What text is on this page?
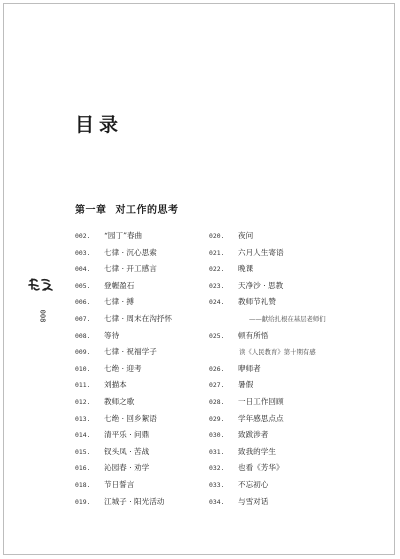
目录
第一章 对工作的思考
008
002. “园丁”春曲
003. 七律 · 沉心思索
004. 七律 · 开工感言
005. 登幄盈石
006. 七律 · 搏
007. 七律 · 周末在沟抒怀
008. 等待
009. 七律 · 祝福学子
010. 七绝 · 迎考
011. 刘描本
012. 教师之歌
013. 七绝 · 回乡絮语
014. 清平乐 · 问鼎
015. 钗头凤 · 苦战
016. 沁园春 · 劝学
018. 节日誓言
019. 江城子 · 阳光活动
020. 夜问
021. 六月人生寄语
022. 晚课
023. 天净沙 · 思教
024. 教师节礼赞
——献给扎根在基层老师们
025. 顿有所悟
读《人民教育》第十期有感
026. 咿师者
027. 暑假
028. 一日工作回顾
029. 学年感思点点
030. 致跋涉者
031. 致我的学生
032. 也看《芳华》
033. 不忘初心
034. 与雪对话
